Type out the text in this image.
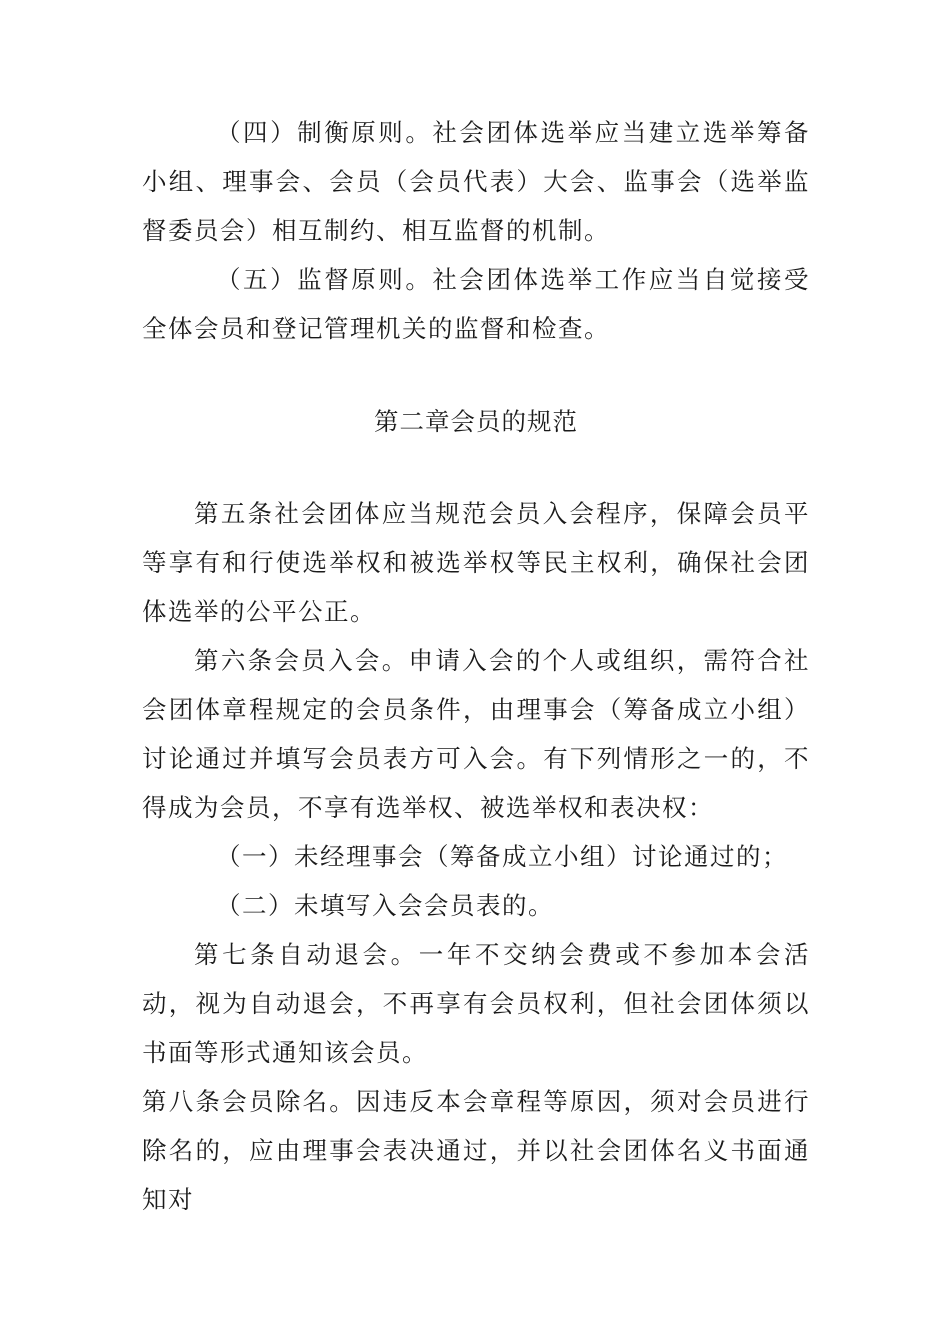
（四）制衡原则。社会团体选举应当建立选举筹备小组、理事会、会员（会员代表）大会、监事会（选举监督委员会）相互制约、相互监督的机制。

（五）监督原则。社会团体选举工作应当自觉接受全体会员和登记管理机关的监督和检查。

第二章会员的规范

第五条社会团体应当规范会员入会程序，保障会员平等享有和行使选举权和被选举权等民主权利，确保社会团体选举的公平公正。

第六条会员入会。申请入会的个人或组织，需符合社会团体章程规定的会员条件，由理事会（筹备成立小组）讨论通过并填写会员表方可入会。有下列情形之一的，不得成为会员，不享有选举权、被选举权和表决权：

（一）未经理事会（筹备成立小组）讨论通过的；

（二）未填写入会会员表的。

第七条自动退会。一年不交纳会费或不参加本会活动，视为自动退会，不再享有会员权利，但社会团体须以书面等形式通知该会员。

第八条会员除名。因违反本会章程等原因，须对会员进行除名的，应由理事会表决通过，并以社会团体名义书面通知对
